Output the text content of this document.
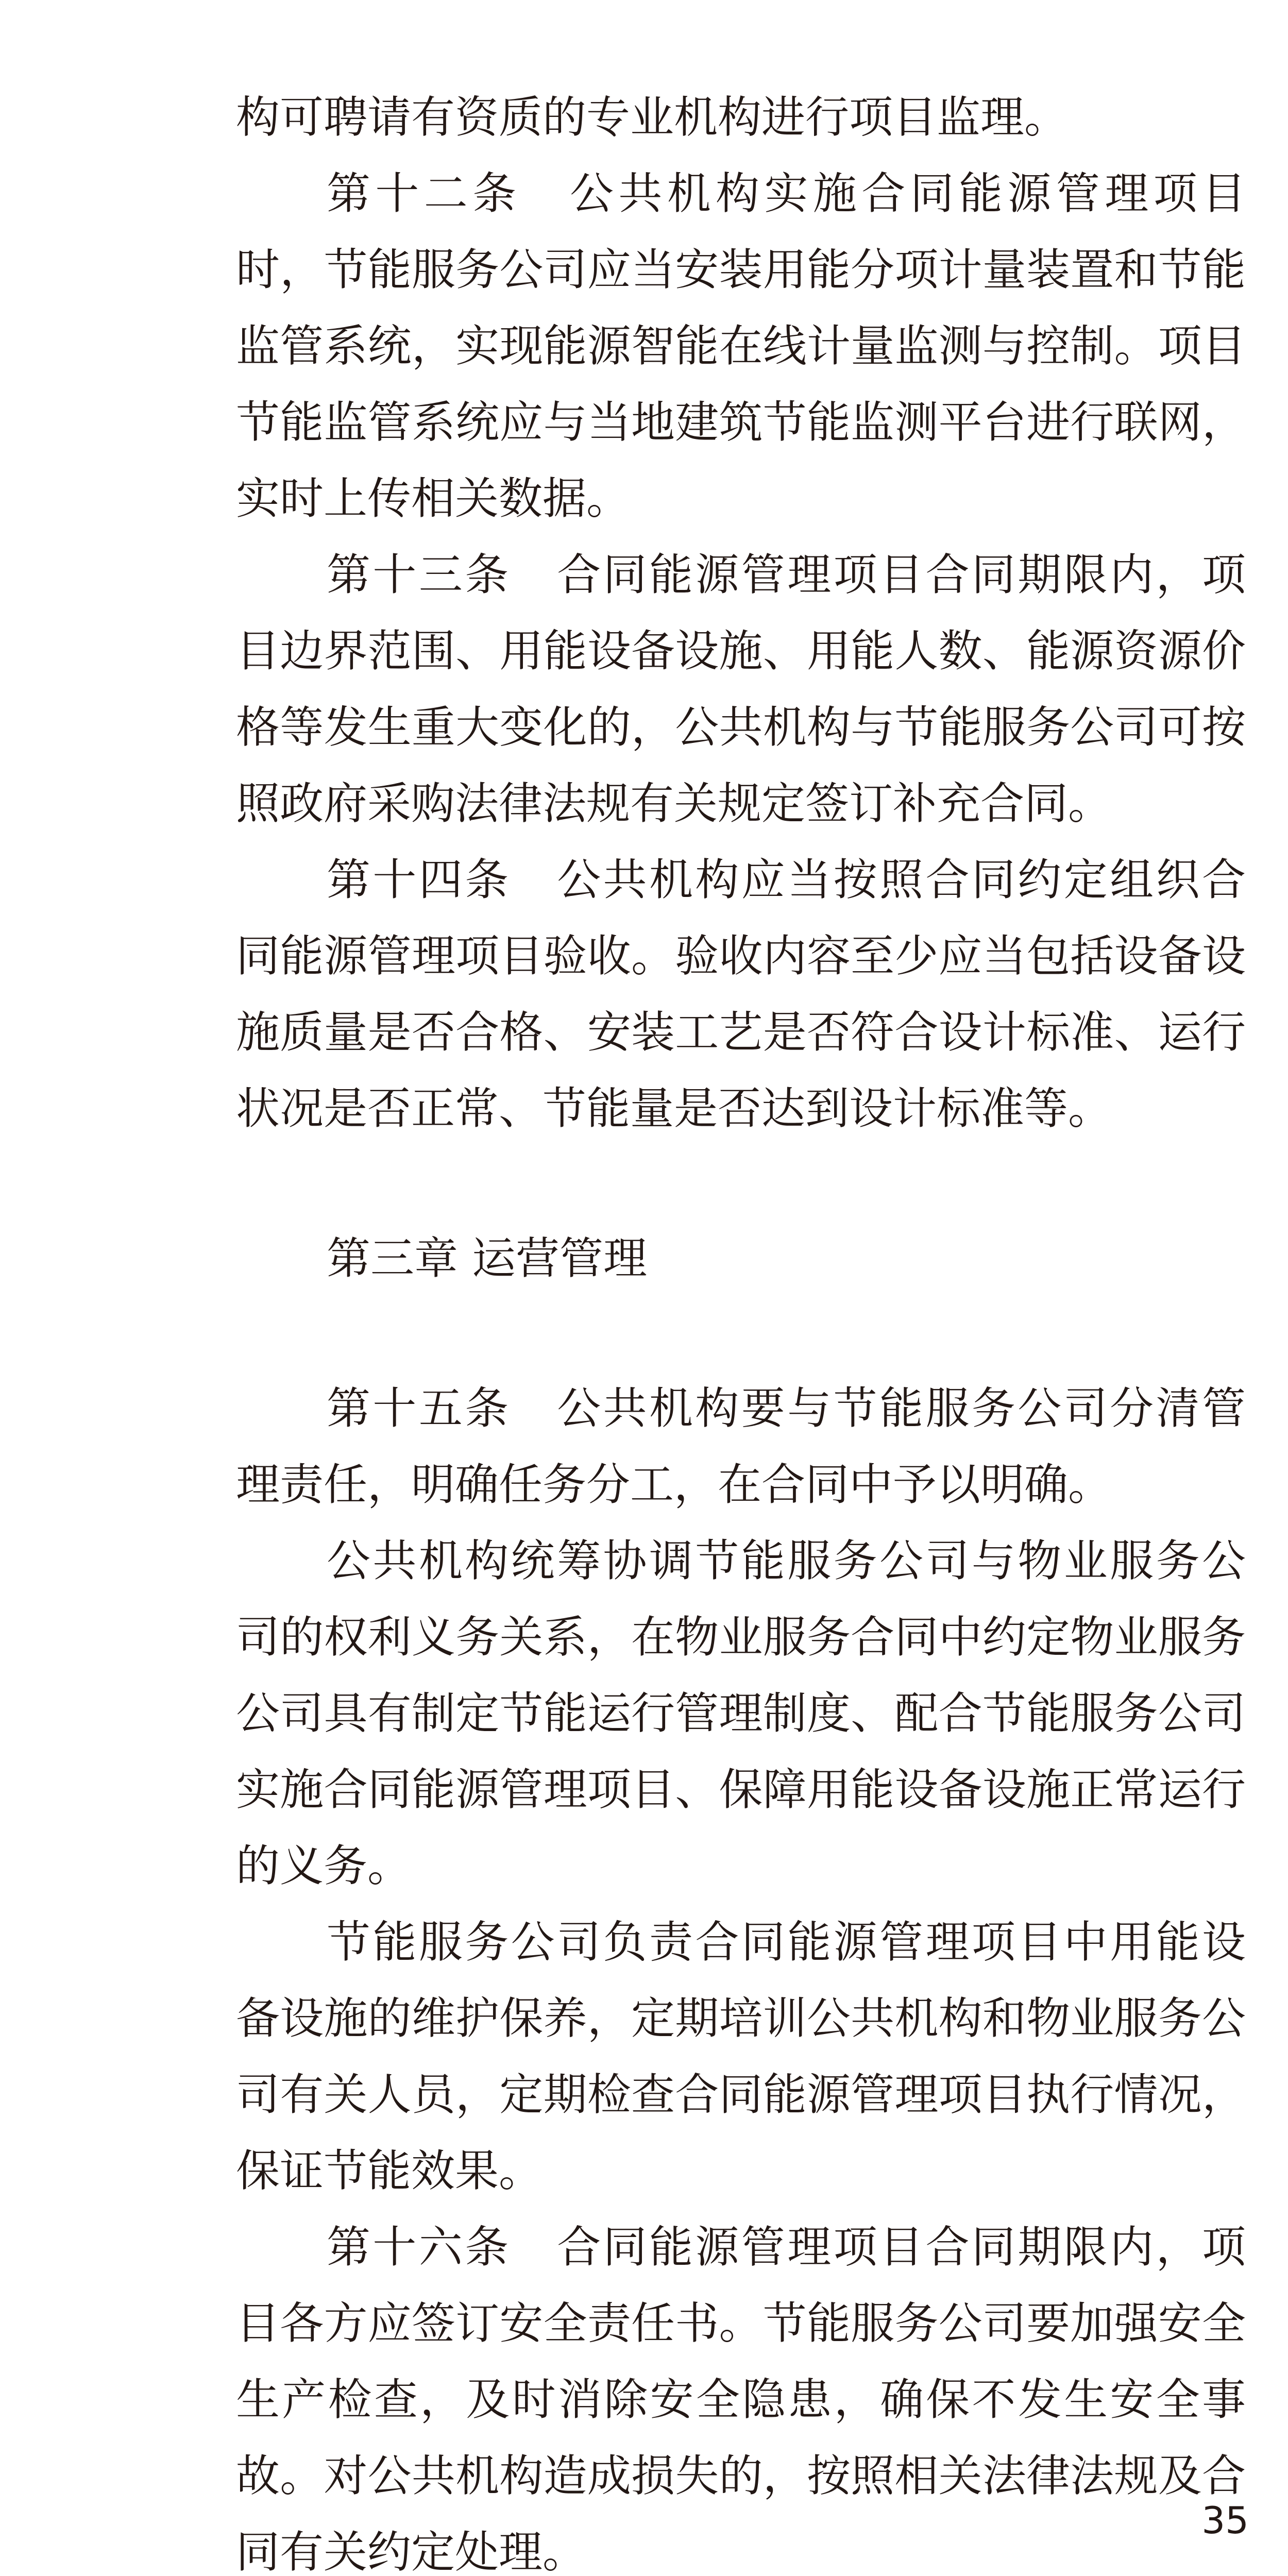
构可聘请有资质的专业机构进行项目监理。

第十二条　公共机构实施合同能源管理项目时，节能服务公司应当安装用能分项计量装置和节能监管系统，实现能源智能在线计量监测与控制。项目节能监管系统应与当地建筑节能监测平台进行联网，实时上传相关数据。

第十三条　合同能源管理项目合同期限内，项目边界范围、用能设备设施、用能人数、能源资源价格等发生重大变化的，公共机构与节能服务公司可按照政府采购法律法规有关规定签订补充合同。

第十四条　公共机构应当按照合同约定组织合同能源管理项目验收。验收内容至少应当包括设备设施质量是否合格、安装工艺是否符合设计标准、运行状况是否正常、节能量是否达到设计标准等。

第三章 运营管理

第十五条　公共机构要与节能服务公司分清管理责任，明确任务分工，在合同中予以明确。

公共机构统筹协调节能服务公司与物业服务公司的权利义务关系，在物业服务合同中约定物业服务公司具有制定节能运行管理制度、配合节能服务公司实施合同能源管理项目、保障用能设备设施正常运行的义务。

节能服务公司负责合同能源管理项目中用能设备设施的维护保养，定期培训公共机构和物业服务公司有关人员，定期检查合同能源管理项目执行情况，保证节能效果。

第十六条　合同能源管理项目合同期限内，项目各方应签订安全责任书。节能服务公司要加强安全生产检查，及时消除安全隐患，确保不发生安全事故。对公共机构造成损失的，按照相关法律法规及合同有关约定处理。

35
